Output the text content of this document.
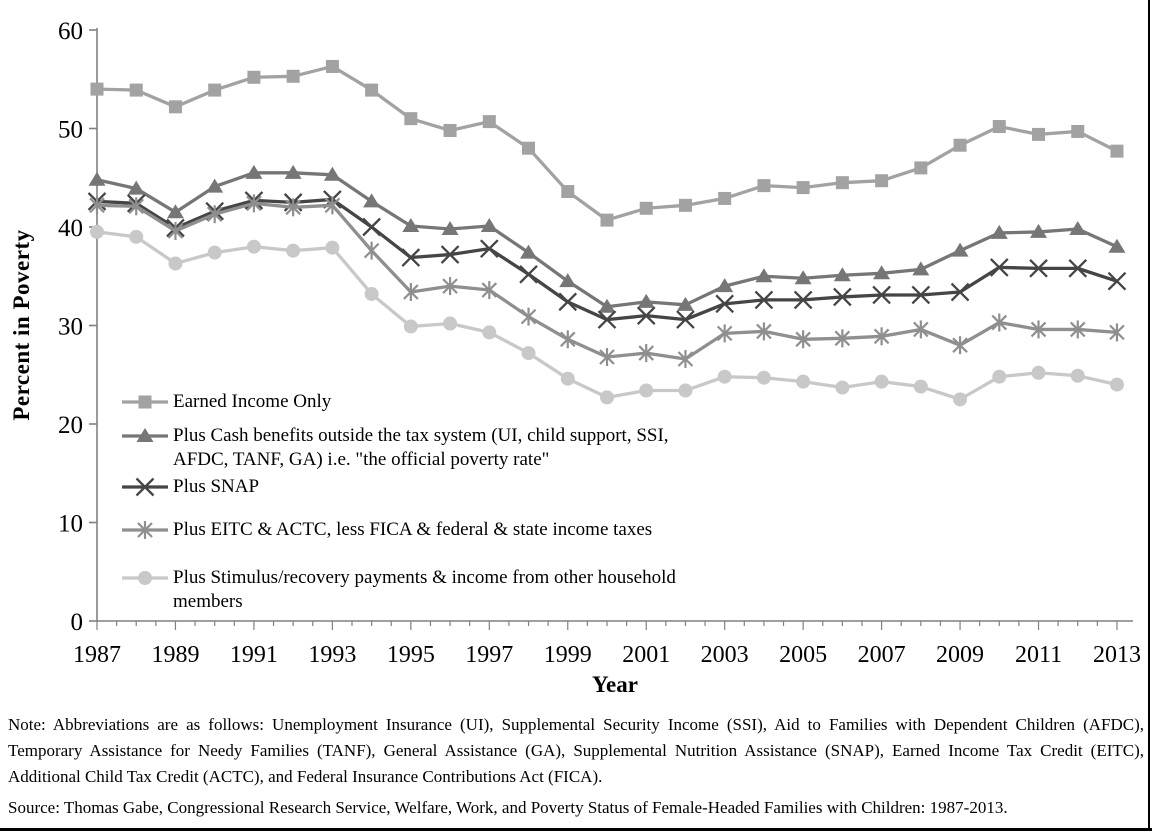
0
10
20
30
40
50
60
1987 1989 1991 1993 1995 1997 1999 2001 2003 2005 2007 2009 2011 2013
Percent in Poverty	Earned Income Only
Plus Cash benefits outside the tax system (UI, child support, SSI, AFDC, TANF, GA) i.e. "the official poverty rate"
Plus SNAP
Plus EITC & ACTC, less FICA & federal & state income taxes
Plus Stimulus/recovery payments & income from other household members
Year
Note: Abbreviations are as follows: Unemployment Insurance (UI), Supplemental Security Income (SSI), Aid to Families with Dependent Children (AFDC), Temporary Assistance for Needy Families (TANF), General Assistance (GA), Supplemental Nutrition Assistance (SNAP), Earned Income Tax Credit (EITC), Additional Child Tax Credit (ACTC), and Federal Insurance Contributions Act (FICA).
Source: Thomas Gabe, Congressional Research Service, Welfare, Work, and Poverty Status of Female-Headed Families with Children: 1987-2013.
